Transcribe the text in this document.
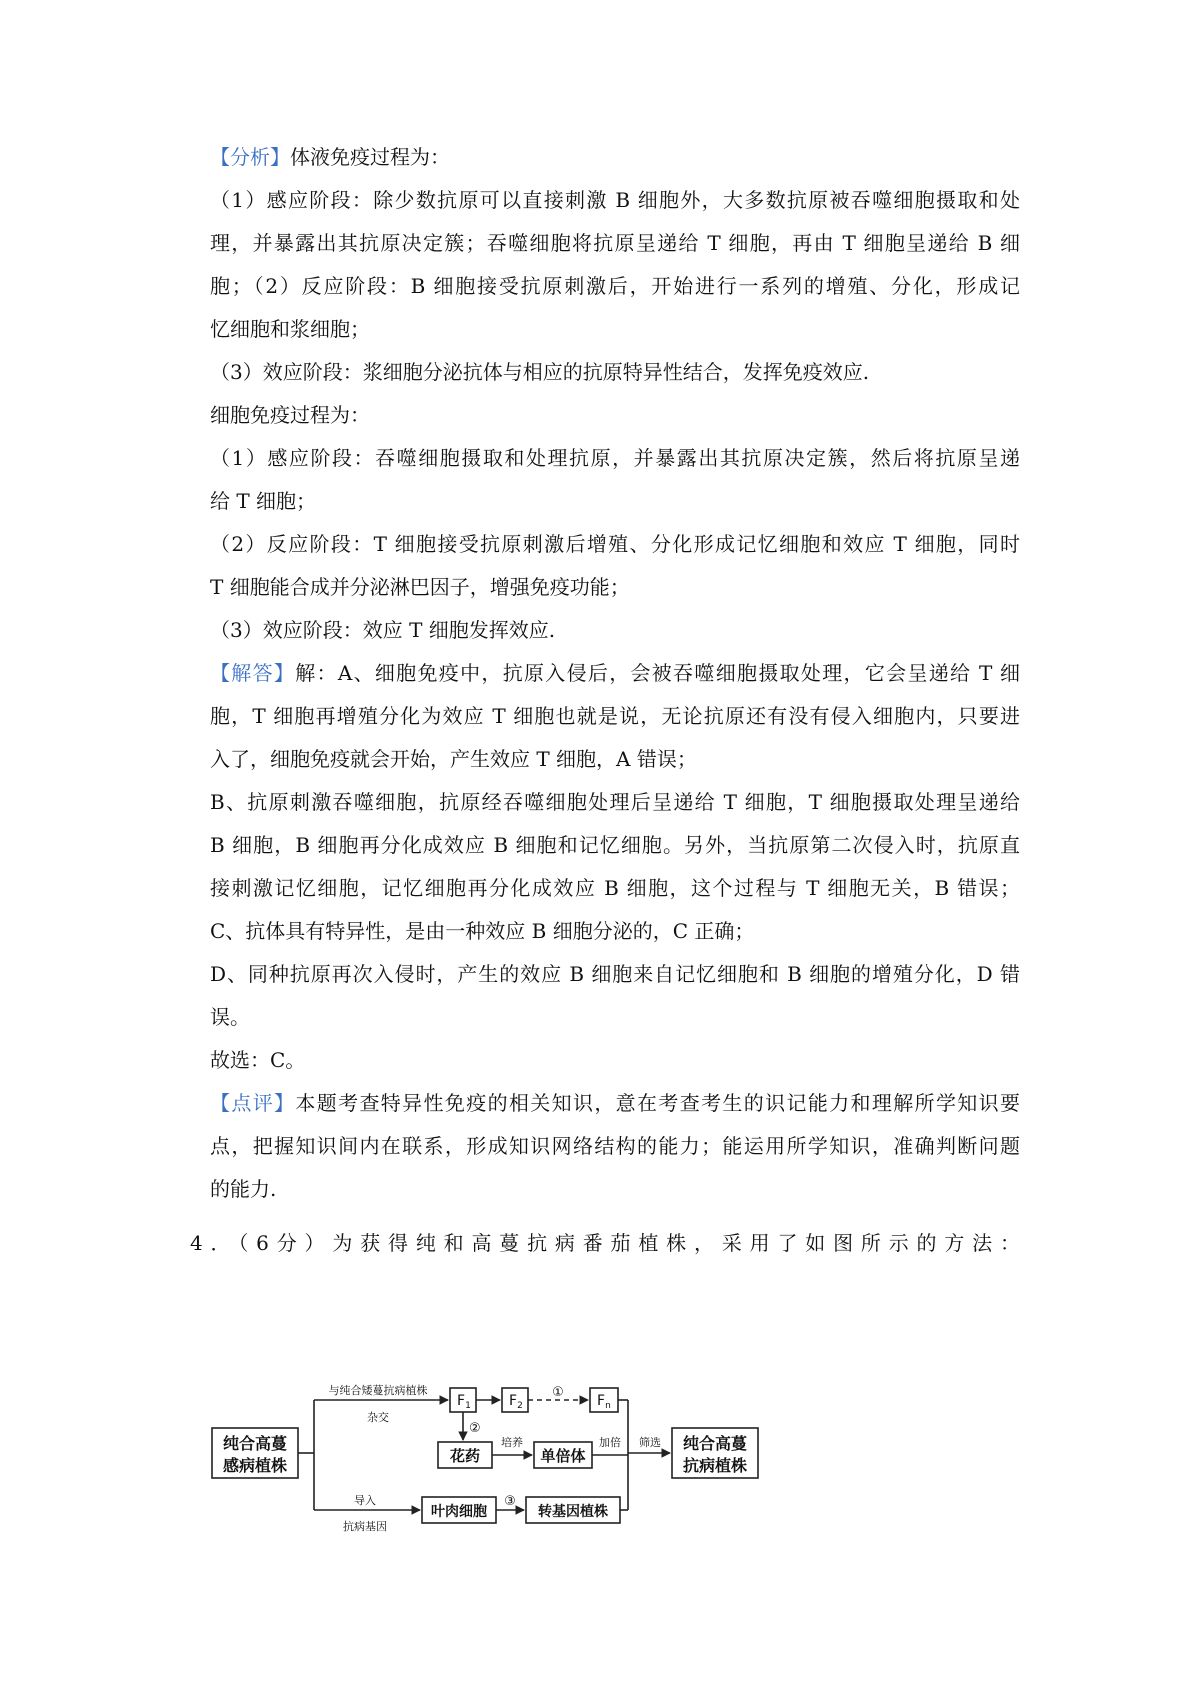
【分析】体液免疫过程为：
（1）感应阶段：除少数抗原可以直接刺激 B 细胞外，大多数抗原被吞噬细胞摄取和处
理，并暴露出其抗原决定簇；吞噬细胞将抗原呈递给 T 细胞，再由 T 细胞呈递给 B 细
胞；（2）反应阶段：B 细胞接受抗原刺激后，开始进行一系列的增殖、分化，形成记
忆细胞和浆细胞；
（3）效应阶段：浆细胞分泌抗体与相应的抗原特异性结合，发挥免疫效应.
细胞免疫过程为：
（1）感应阶段：吞噬细胞摄取和处理抗原，并暴露出其抗原决定簇，然后将抗原呈递
给 T 细胞；
（2）反应阶段：T 细胞接受抗原刺激后增殖、分化形成记忆细胞和效应 T 细胞，同时
T 细胞能合成并分泌淋巴因子，增强免疫功能；
（3）效应阶段：效应 T 细胞发挥效应.
【解答】解：A、细胞免疫中，抗原入侵后，会被吞噬细胞摄取处理，它会呈递给 T 细
胞，T 细胞再增殖分化为效应 T 细胞也就是说，无论抗原还有没有侵入细胞内，只要进
入了，细胞免疫就会开始，产生效应 T 细胞，A 错误；
B、抗原刺激吞噬细胞，抗原经吞噬细胞处理后呈递给 T 细胞，T 细胞摄取处理呈递给
B 细胞，B 细胞再分化成效应 B 细胞和记忆细胞。另外，当抗原第二次侵入时，抗原直
接刺激记忆细胞，记忆细胞再分化成效应 B 细胞，这个过程与 T 细胞无关，B 错误；
C、抗体具有特异性，是由一种效应 B 细胞分泌的，C 正确；
D、同种抗原再次入侵时，产生的效应 B 细胞来自记忆细胞和 B 细胞的增殖分化，D 错
误。
故选：C。
【点评】本题考查特异性免疫的相关知识，意在考查考生的识记能力和理解所学知识要
点，把握知识间内在联系，形成知识网络结构的能力；能运用所学知识，准确判断问题
的能力.
4．（6分）为获得纯和高蔓抗病番茄植株，采用了如图所示的方法：
纯合高蔓
感病植株
与纯合矮蔓抗病植株
杂交
$F_1$	$F_2$	$F_n$
①
②
③
花药
培养
单倍体
加倍 筛选 纯合高蔓
抗病植株
导入
抗病基因
叶肉细胞	转基因植株
